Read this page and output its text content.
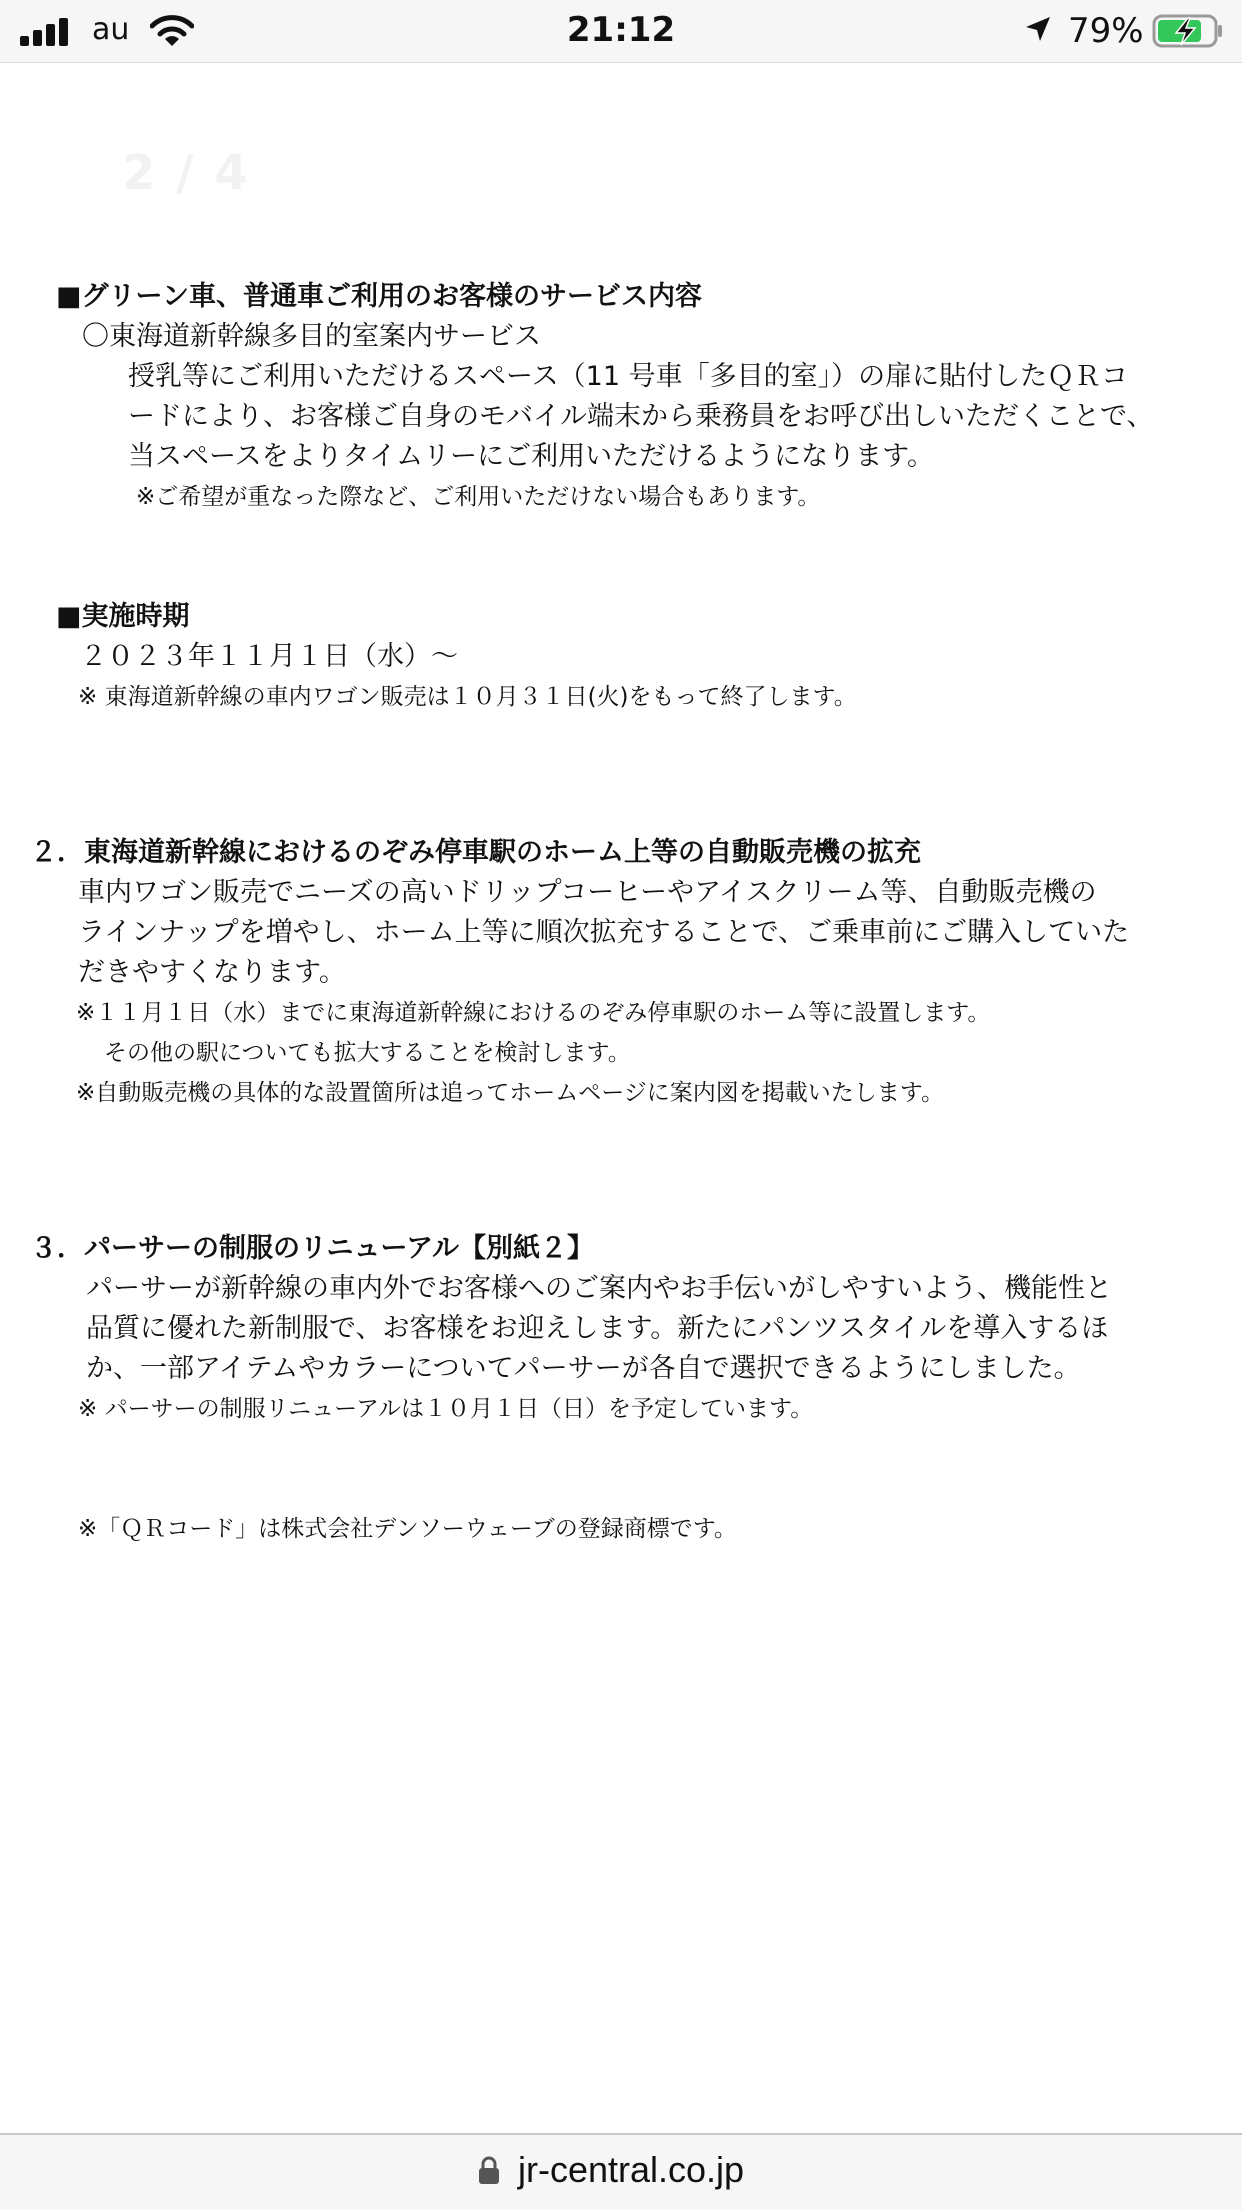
au	21:12	79%
2 / 4
■グリーン車、普通車ご利用のお客様のサービス内容
〇東海道新幹線多目的室案内サービス
授乳等にご利用いただけるスペース（11 号車「多目的室」）の扉に貼付したＱＲコ
ードにより、お客様ご自身のモバイル端末から乗務員をお呼び出しいただくことで、
当スペースをよりタイムリーにご利用いただけるようになります。
※ご希望が重なった際など、ご利用いただけない場合もあります。
■実施時期
２０２３年１１月１日（水）～
※ 東海道新幹線の車内ワゴン販売は１０月３１日(火)をもって終了します。
２．東海道新幹線におけるのぞみ停車駅のホーム上等の自動販売機の拡充
車内ワゴン販売でニーズの高いドリップコーヒーやアイスクリーム等、自動販売機の
ラインナップを増やし、ホーム上等に順次拡充することで、ご乗車前にご購入していた
だきやすくなります。
※１１月１日（水）までに東海道新幹線におけるのぞみ停車駅のホーム等に設置します。
その他の駅についても拡大することを検討します。
※自動販売機の具体的な設置箇所は追ってホームページに案内図を掲載いたします。
３．パーサーの制服のリニューアル【別紙２】
パーサーが新幹線の車内外でお客様へのご案内やお手伝いがしやすいよう、機能性と
品質に優れた新制服で、お客様をお迎えします。新たにパンツスタイルを導入するほ
か、一部アイテムやカラーについてパーサーが各自で選択できるようにしました。
※ パーサーの制服リニューアルは１０月１日（日）を予定しています。
※「ＱＲコード」は株式会社デンソーウェーブの登録商標です。
jr-central.co.jp
